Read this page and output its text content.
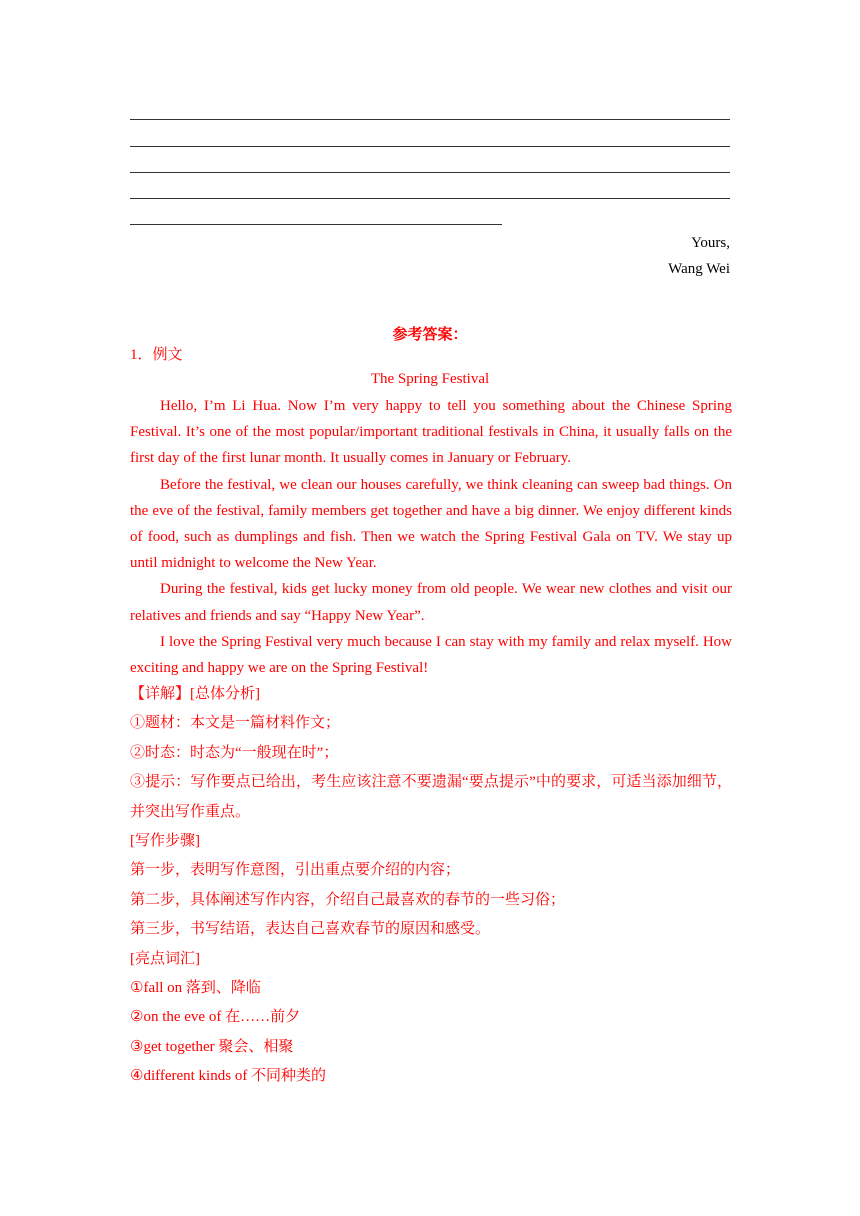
Yours,
Wang Wei
参考答案：
1．例文
The Spring Festival

Hello, I’m Li Hua. Now I’m very happy to tell you something about the Chinese Spring Festival. It’s one of the most popular/important traditional festivals in China, it usually falls on the first day of the first lunar month. It usually comes in January or February.

Before the festival, we clean our houses carefully, we think cleaning can sweep bad things. On the eve of the festival, family members get together and have a big dinner. We enjoy different kinds of food, such as dumplings and fish. Then we watch the Spring Festival Gala on TV. We stay up until midnight to welcome the New Year.

During the festival, kids get lucky money from old people. We wear new clothes and visit our relatives and friends and say “Happy New Year”.

I love the Spring Festival very much because I can stay with my family and relax myself. How exciting and happy we are on the Spring Festival!

【详解】[总体分析]
①题材：本文是一篇材料作文；
②时态：时态为“一般现在时”；
③提示：写作要点已给出，考生应该注意不要遗漏“要点提示”中的要求，可适当添加细节，并突出写作重点。
[写作步骤]
第一步，表明写作意图，引出重点要介绍的内容；
第二步，具体阐述写作内容，介绍自己最喜欢的春节的一些习俗；
第三步，书写结语，表达自己喜欢春节的原因和感受。
[亮点词汇]
①fall on 落到、降临
②on the eve of 在……前夕
③get together 聚会、相聚
④different kinds of 不同种类的
